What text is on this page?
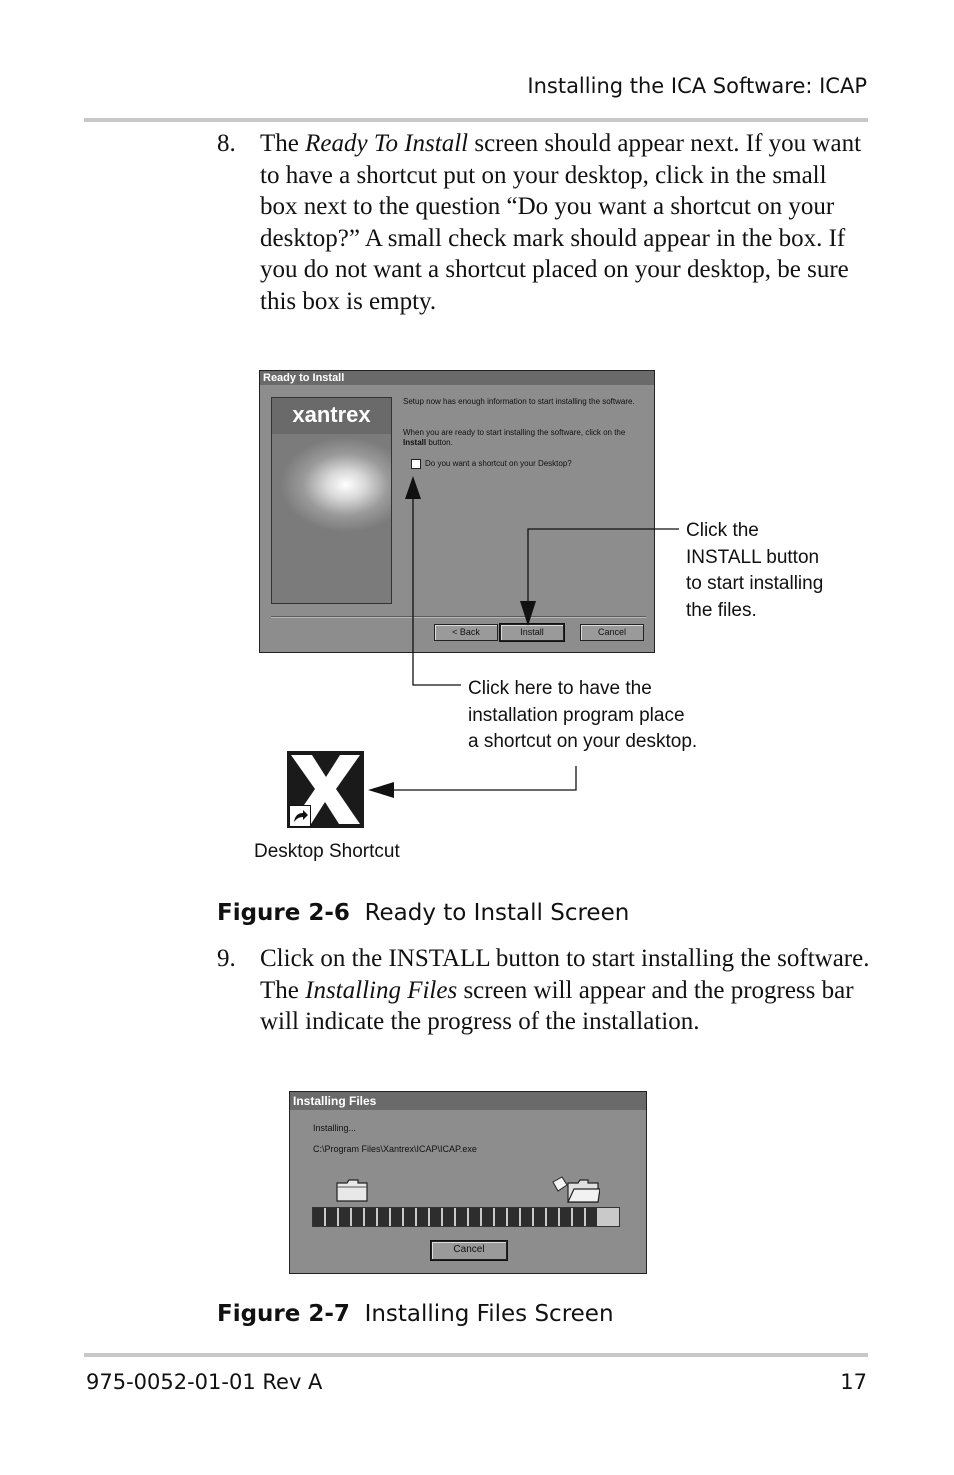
Installing the ICA Software: ICAP
8. The Ready To Install screen should appear next. If you want to have a shortcut put on your desktop, click in the small box next to the question “Do you want a shortcut on your desktop?” A small check mark should appear in the box. If you do not want a shortcut placed on your desktop, be sure this box is empty.
Ready to Install
xantrex
Setup now has enough information to start installing the software.
When you are ready to start installing the software, click on the Install button.
Do you want a shortcut on your Desktop?
< Back	Install	Cancel
Click the
INSTALL button
to start installing
the files.
Click here to have the
installation program place
a shortcut on your desktop.
Desktop Shortcut
Figure 2-6 Ready to Install Screen
9. Click on the INSTALL button to start installing the software. The Installing Files screen will appear and the progress bar will indicate the progress of the installation.
Installing Files
Installing...
C:\Program Files\Xantrex\ICAP\ICAP.exe
Cancel
Figure 2-7 Installing Files Screen
975-0052-01-01 Rev A	17
